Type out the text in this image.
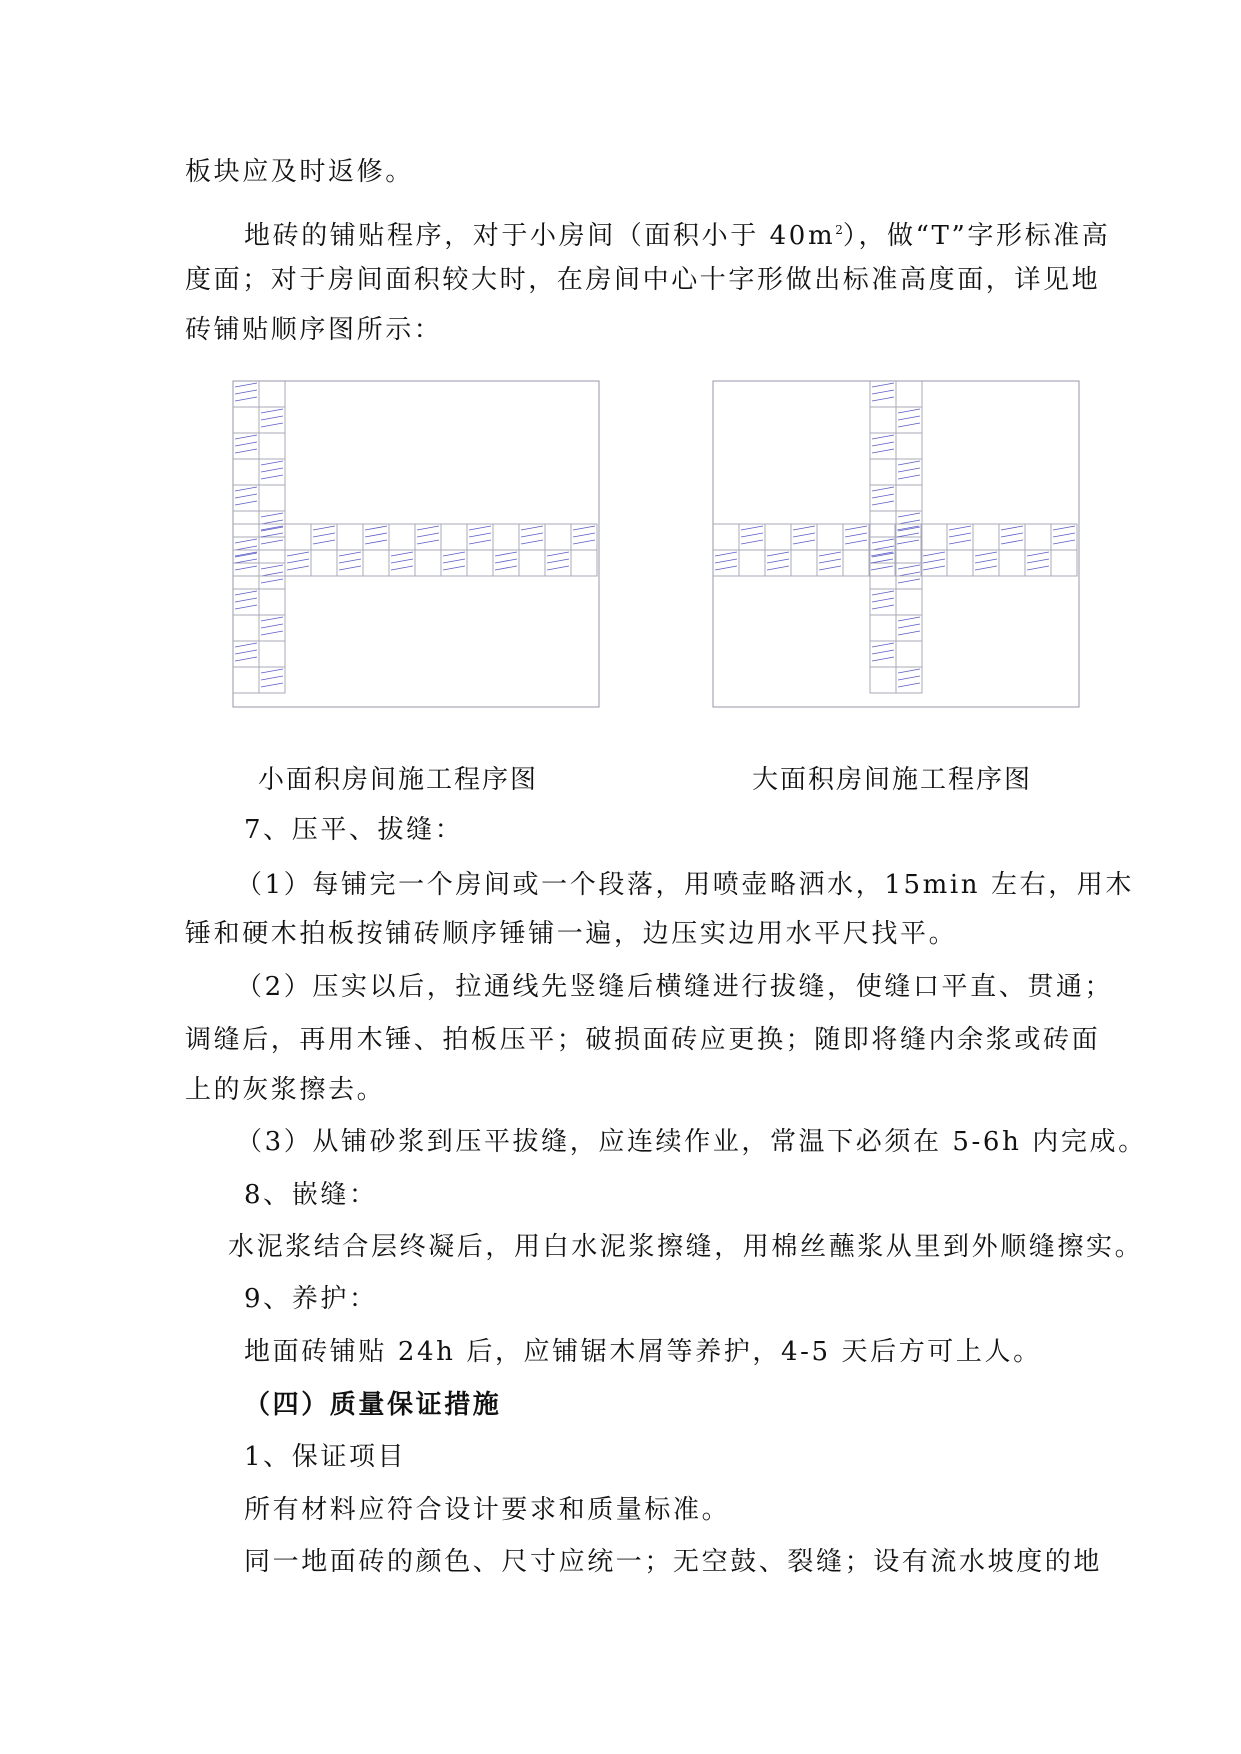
板块应及时返修。
地砖的铺贴程序，对于小房间（面积小于 $40m^2$），做“T”字形标准高
度面；对于房间面积较大时，在房间中心十字形做出标准高度面，详见地
砖铺贴顺序图所示：
小面积房间施工程序图	大面积房间施工程序图
7、压平、拔缝：
（1）每铺完一个房间或一个段落，用喷壶略洒水，15min 左右，用木
锤和硬木拍板按铺砖顺序锤铺一遍，边压实边用水平尺找平。
（2）压实以后，拉通线先竖缝后横缝进行拔缝，使缝口平直、贯通；
调缝后，再用木锤、拍板压平；破损面砖应更换；随即将缝内余浆或砖面
上的灰浆擦去。
（3）从铺砂浆到压平拔缝，应连续作业，常温下必须在 5-6h 内完成。
8、嵌缝：
水泥浆结合层终凝后，用白水泥浆擦缝，用棉丝蘸浆从里到外顺缝擦实。
9、养护：
地面砖铺贴 24h 后，应铺锯木屑等养护，4-5 天后方可上人。
（四）质量保证措施
1、保证项目
所有材料应符合设计要求和质量标准。
同一地面砖的颜色、尺寸应统一；无空鼓、裂缝；设有流水坡度的地
